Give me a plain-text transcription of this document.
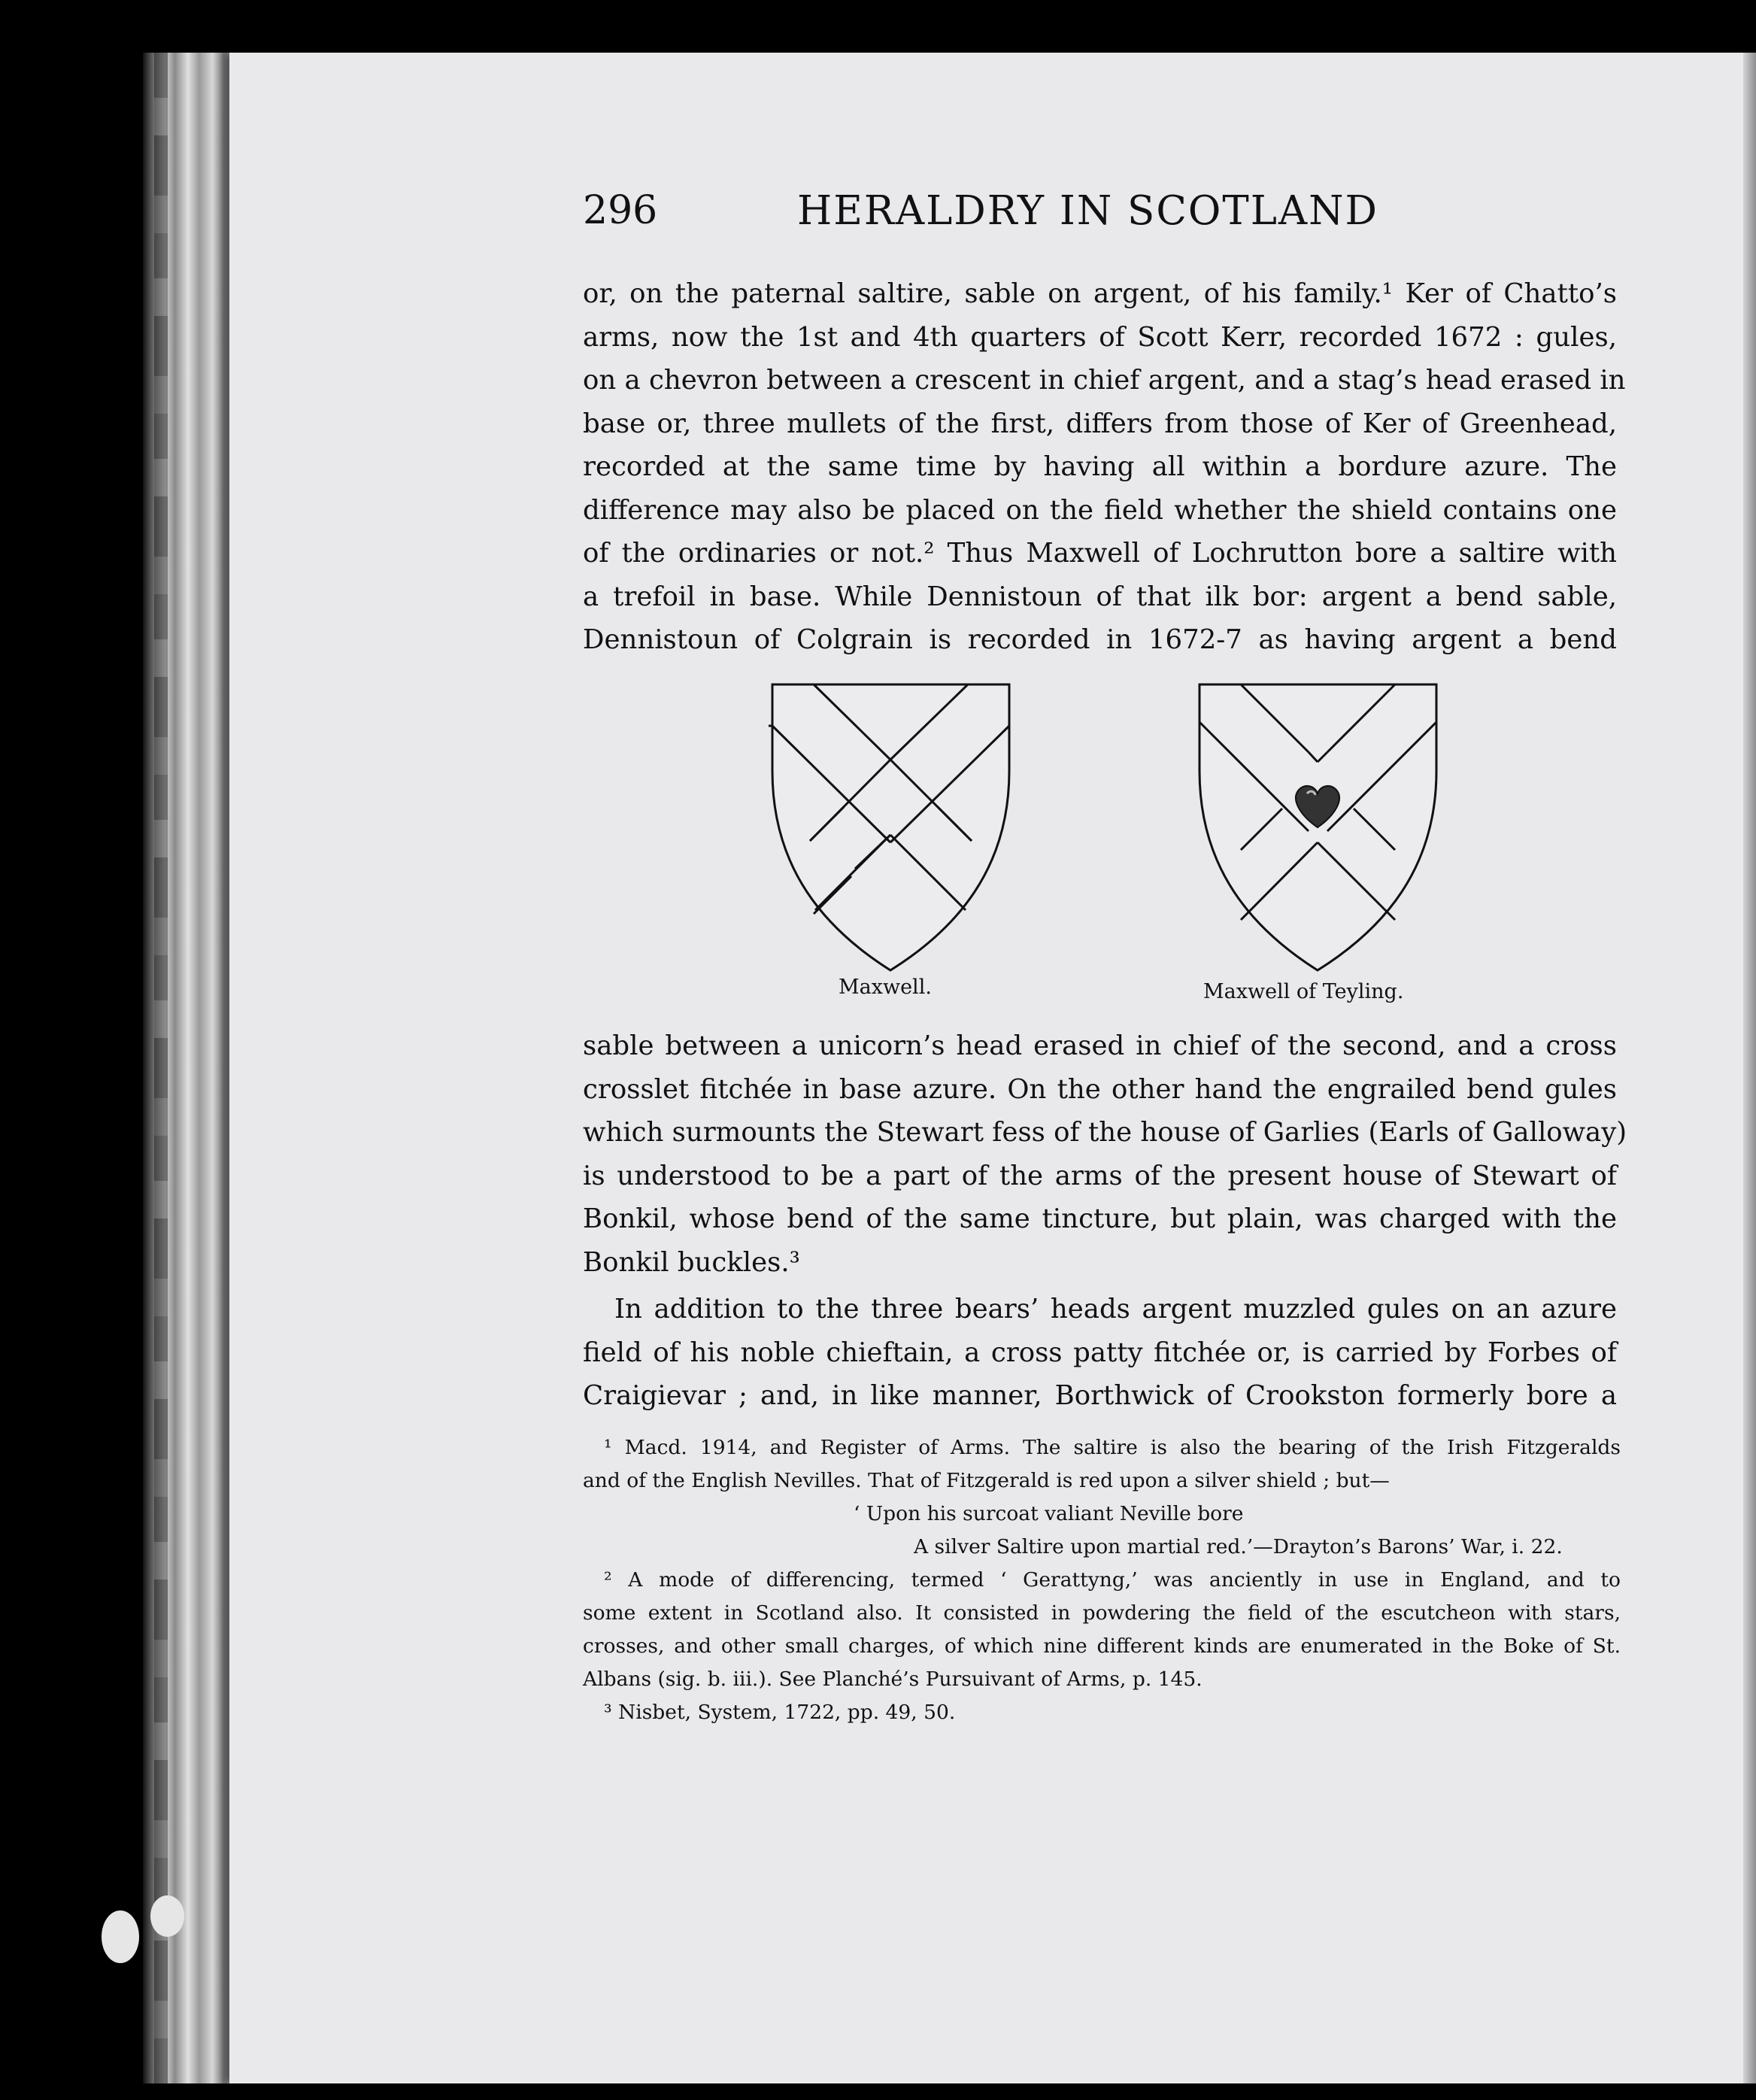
296	HERALDRY IN SCOTLAND
or, on the paternal saltire, sable on argent, of his family.¹ Ker of Chatto’s
arms, now the 1st and 4th quarters of Scott Kerr, recorded 1672 : gules,
on a chevron between a crescent in chief argent, and a stag’s head erased in
base or, three mullets of the first, differs from those of Ker of Greenhead,
recorded at the same time by having all within a bordure azure. The
difference may also be placed on the field whether the shield contains one
of the ordinaries or not.² Thus Maxwell of Lochrutton bore a saltire with
a trefoil in base. While Dennistoun of that ilk bor: argent a bend sable,
Dennistoun of Colgrain is recorded in 1672-7 as having argent a bend
Maxwell.	Maxwell of Teyling.
sable between a unicorn’s head erased in chief of the second, and a cross
crosslet fitchée in base azure. On the other hand the engrailed bend gules
which surmounts the Stewart fess of the house of Garlies (Earls of Galloway)
is understood to be a part of the arms of the present house of Stewart of
Bonkil, whose bend of the same tincture, but plain, was charged with the
Bonkil buckles.³
In addition to the three bears’ heads argent muzzled gules on an azure
field of his noble chieftain, a cross patty fitchée or, is carried by Forbes of
Craigievar ; and, in like manner, Borthwick of Crookston formerly bore a
¹ Macd. 1914, and Register of Arms. The saltire is also the bearing of the Irish Fitzgeralds
and of the English Nevilles. That of Fitzgerald is red upon a silver shield ; but—
‘ Upon his surcoat valiant Neville bore
A silver Saltire upon martial red.’—Drayton’s Barons’ War, i. 22.
² A mode of differencing, termed ‘ Gerattyng,’ was anciently in use in England, and to
some extent in Scotland also. It consisted in powdering the field of the escutcheon with stars,
crosses, and other small charges, of which nine different kinds are enumerated in the Boke of St.
Albans (sig. b. iii.). See Planché’s Pursuivant of Arms, p. 145.
³ Nisbet, System, 1722, pp. 49, 50.
